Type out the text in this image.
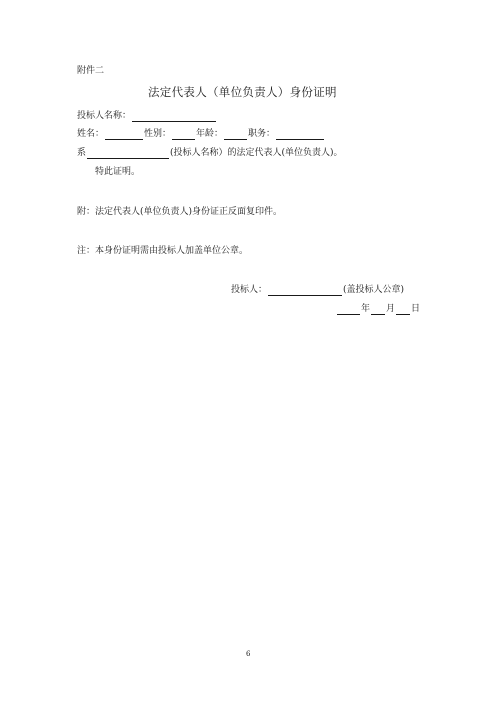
附件二
法定代表人（单位负责人）身份证明
投标人名称：
姓名：	性别：	年龄：	职务：
系	(投标人名称）的法定代表人(单位负责人)。
特此证明。
附：法定代表人(单位负责人)身份证正反面复印件。
注：本身份证明需由投标人加盖单位公章。
投标人：	(盖投标人公章)
年 月 日
6
